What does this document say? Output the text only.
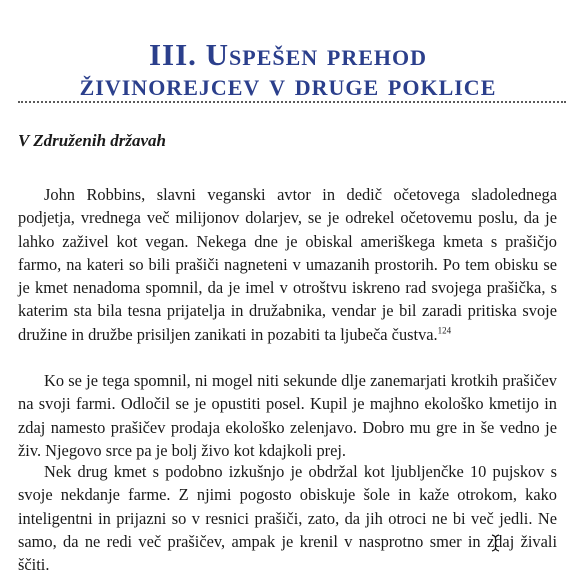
III. Uspešen prehod
živinorejcev v druge poklice
V Združenih državah

John Robbins, slavni veganski avtor in dedič očetovega sladolednega podjetja, vrednega več milijonov dolarjev, se je odrekel očetovemu poslu, da je lahko zaživel kot vegan. Nekega dne je obiskal ameriškega kmeta s prašičjo farmo, na kateri so bili prašiči nagneteni v umazanih prostorih. Po tem obisku se je kmet nenadoma spomnil, da je imel v otroštvu iskreno rad svojega prašička, s katerim sta bila tesna prijatelja in družabnika, vendar je bil zaradi pritiska svoje družine in družbe prisiljen zanikati in pozabiti ta ljubeča čustva.$^{124}$

Ko se je tega spomnil, ni mogel niti sekunde dlje zanemarjati krotkih prašičev na svoji farmi. Odločil se je opustiti posel. Kupil je majhno ekološko kmetijo in zdaj namesto prašičev prodaja ekološko zelenjavo. Dobro mu gre in še vedno je živ. Njegovo srce pa je bolj živo kot kdajkoli prej.

Nek drug kmet s podobno izkušnjo je obdržal kot ljubljenčke 10 pujskov s svoje nekdanje farme. Z njimi pogosto obiskuje šole in kaže otrokom, kako inteligentni in prijazni so v resnici prašiči, zato, da jih otroci ne bi več jedli. Ne samo, da ne redi več prašičev, ampak je krenil v nasprotno smer in zdaj živali ščiti.
